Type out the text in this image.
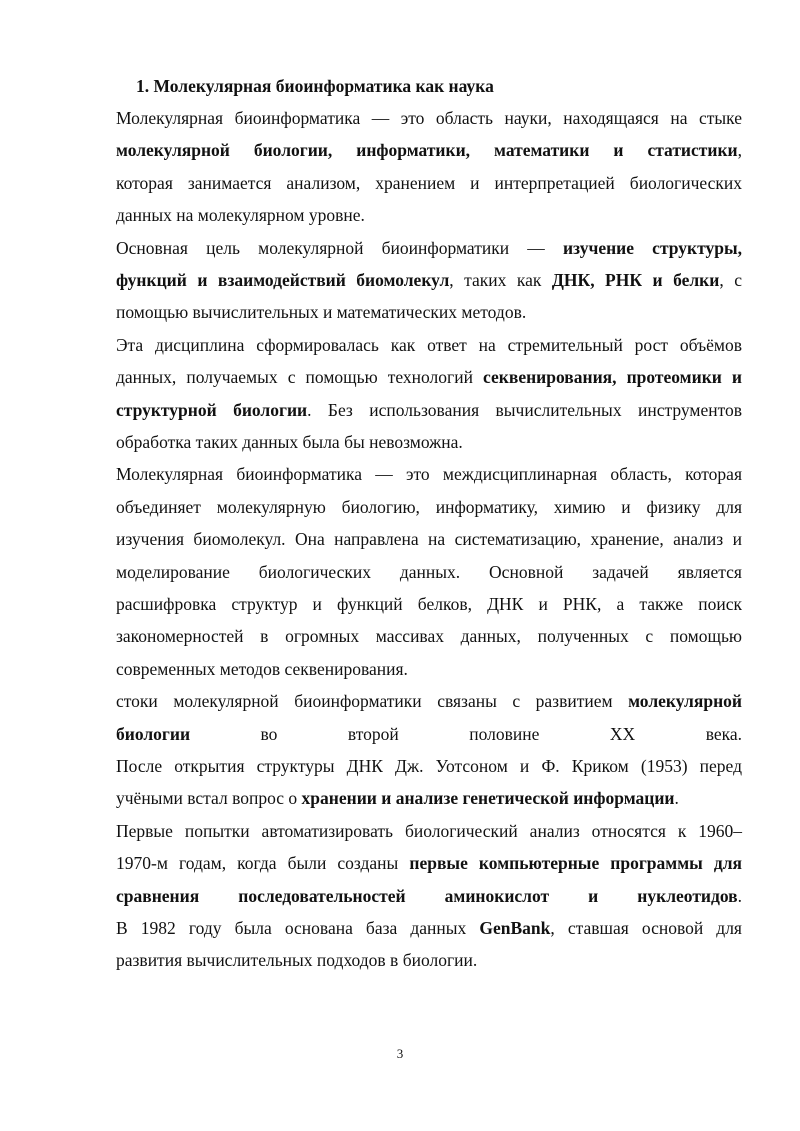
1. Молекулярная биоинформатика как наука
Молекулярная биоинформатика — это область науки, находящаяся на стыке
молекулярной биологии, информатики, математики и статистики,
которая занимается анализом, хранением и интерпретацией биологических
данных на молекулярном уровне.
Основная цель молекулярной биоинформатики — изучение структуры,
функций и взаимодействий биомолекул, таких как ДНК, РНК и белки, с
помощью вычислительных и математических методов.
Эта дисциплина сформировалась как ответ на стремительный рост объёмов
данных, получаемых с помощью технологий секвенирования, протеомики и
структурной биологии. Без использования вычислительных инструментов
обработка таких данных была бы невозможна.
Молекулярная биоинформатика — это междисциплинарная область, которая
объединяет молекулярную биологию, информатику, химию и физику для
изучения биомолекул. Она направлена на систематизацию, хранение, анализ и
моделирование биологических данных. Основной задачей является
расшифровка структур и функций белков, ДНК и РНК, а также поиск
закономерностей в огромных массивах данных, полученных с помощью
современных методов секвенирования.
стоки молекулярной биоинформатики связаны с развитием молекулярной
биологии во второй половине XX века.
После открытия структуры ДНК Дж. Уотсоном и Ф. Криком (1953) перед
учёными встал вопрос о хранении и анализе генетической информации.
Первые попытки автоматизировать биологический анализ относятся к 1960–
1970-м годам, когда были созданы первые компьютерные программы для
сравнения последовательностей аминокислот и нуклеотидов.
В 1982 году была основана база данных GenBank, ставшая основой для
развития вычислительных подходов в биологии.
3
